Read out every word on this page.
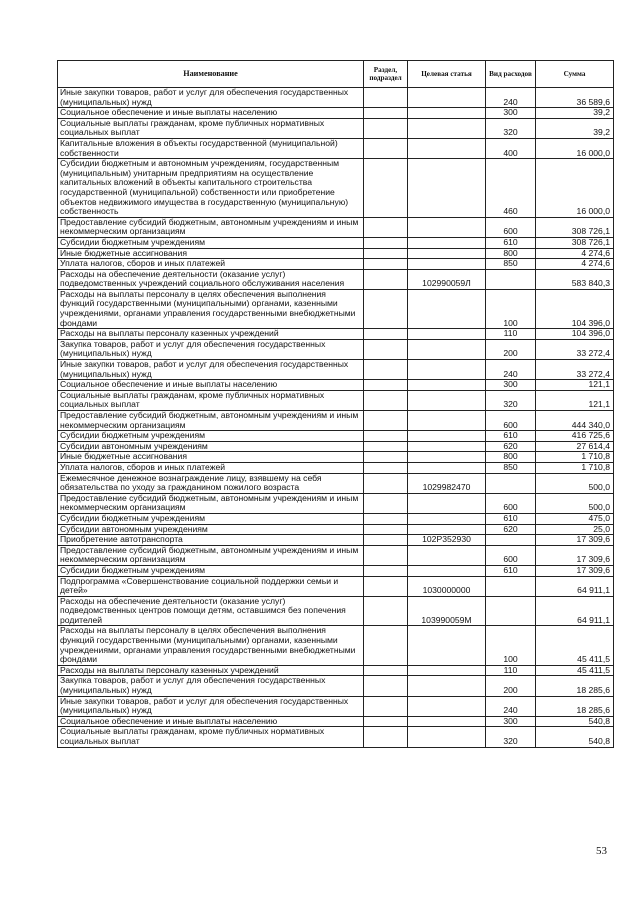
Наименование	Раздел, подраздел	Целевая статья	Вид расходов	Сумма
Иные закупки товаров, работ и услуг для обеспечения государственных (муниципальных) нужд			240	36 589,6
Социальное обеспечение и иные выплаты населению			300	39,2
Социальные выплаты гражданам, кроме публичных нормативных социальных выплат			320	39,2
Капитальные вложения в объекты государственной (муниципальной) собственности			400	16 000,0
Субсидии бюджетным и автономным учреждениям, государственным (муниципальным) унитарным предприятиям на осуществление капитальных вложений в объекты капитального строительства государственной (муниципальной) собственности или приобретение объектов недвижимого имущества в государственную (муниципальную) собственность			460	16 000,0
Предоставление субсидий бюджетным, автономным учреждениям и иным некоммерческим организациям			600	308 726,1
Субсидии бюджетным учреждениям			610	308 726,1
Иные бюджетные ассигнования			800	4 274,6
Уплата налогов, сборов и иных платежей			850	4 274,6
Расходы на обеспечение деятельности (оказание услуг) подведомственных учреждений социального обслуживания населения		102990059Л		583 840,3
Расходы на выплаты персоналу в целях обеспечения выполнения функций государственными (муниципальными) органами, казенными учреждениями, органами управления государственными внебюджетными фондами			100	104 396,0
Расходы на выплаты персоналу казенных учреждений			110	104 396,0
Закупка товаров, работ и услуг для обеспечения государственных (муниципальных) нужд			200	33 272,4
Иные закупки товаров, работ и услуг для обеспечения государственных (муниципальных) нужд			240	33 272,4
Социальное обеспечение и иные выплаты населению			300	121,1
Социальные выплаты гражданам, кроме публичных нормативных социальных выплат			320	121,1
Предоставление субсидий бюджетным, автономным учреждениям и иным некоммерческим организациям			600	444 340,0
Субсидии бюджетным учреждениям			610	416 725,6
Субсидии автономным учреждениям			620	27 614,4
Иные бюджетные ассигнования			800	1 710,8
Уплата налогов, сборов и иных платежей			850	1 710,8
Ежемесячное денежное вознаграждение лицу, взявшему на себя обязательства по уходу за гражданином пожилого возраста		1029982470		500,0
Предоставление субсидий бюджетным, автономным учреждениям и иным некоммерческим организациям			600	500,0
Субсидии бюджетным учреждениям			610	475,0
Субсидии автономным учреждениям			620	25,0
Приобретение автотранспорта		102P352930		17 309,6
Предоставление субсидий бюджетным, автономным учреждениям и иным некоммерческим организациям			600	17 309,6
Субсидии бюджетным учреждениям			610	17 309,6
Подпрограмма «Совершенствование социальной поддержки семьи и детей»		1030000000		64 911,1
Расходы на обеспечение деятельности (оказание услуг) подведомственных центров помощи детям, оставшимся без попечения родителей		103990059М		64 911,1
Расходы на выплаты персоналу в целях обеспечения выполнения функций государственными (муниципальными) органами, казенными учреждениями, органами управления государственными внебюджетными фондами			100	45 411,5
Расходы на выплаты персоналу казенных учреждений			110	45 411,5
Закупка товаров, работ и услуг для обеспечения государственных (муниципальных) нужд			200	18 285,6
Иные закупки товаров, работ и услуг для обеспечения государственных (муниципальных) нужд			240	18 285,6
Социальное обеспечение и иные выплаты населению			300	540,8
Социальные выплаты гражданам, кроме публичных нормативных социальных выплат			320	540,8
53
